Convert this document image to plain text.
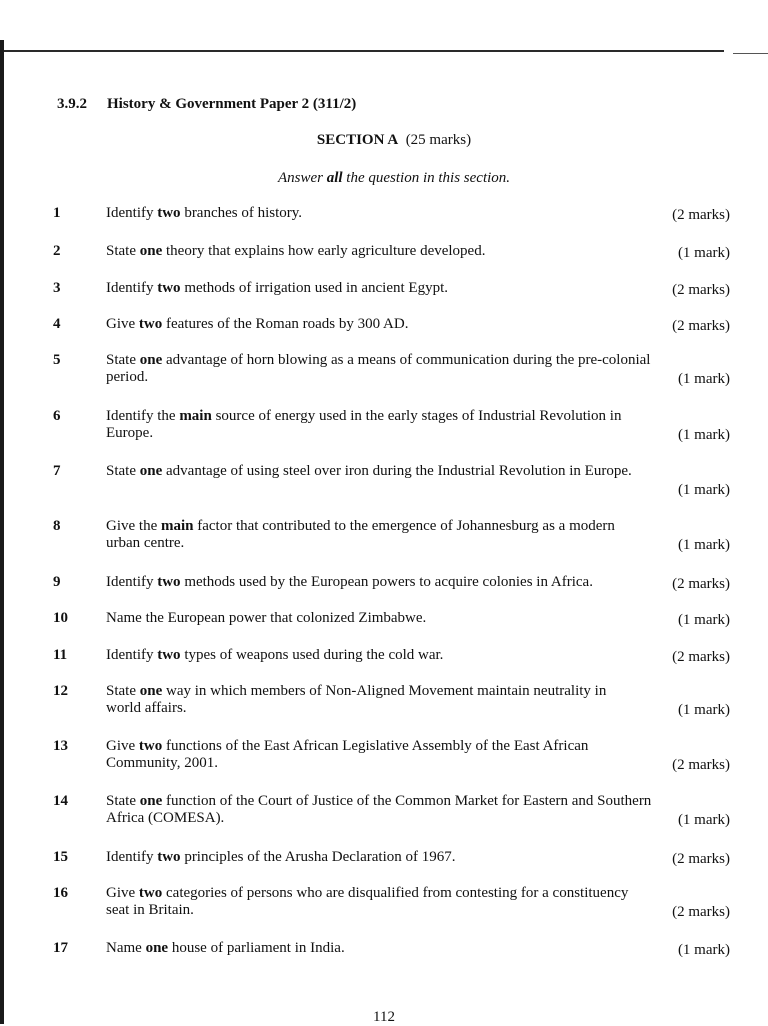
3.9.2 History & Government Paper 2 (311/2)
SECTION A (25 marks)
Answer all the question in this section.
1	Identify two branches of history.	(2 marks)
2	State one theory that explains how early agriculture developed.	(1 mark)
3	Identify two methods of irrigation used in ancient Egypt.	(2 marks)
4	Give two features of the Roman roads by 300 AD.	(2 marks)
5	State one advantage of horn blowing as a means of communication during the pre-colonial
period.	(1 mark)
6	Identify the main source of energy used in the early stages of Industrial Revolution in
Europe.	(1 mark)
7	State one advantage of using steel over iron during the Industrial Revolution in Europe.
(1 mark)
8	Give the main factor that contributed to the emergence of Johannesburg as a modern
urban centre.	(1 mark)
9	Identify two methods used by the European powers to acquire colonies in Africa.	(2 marks)
10	Name the European power that colonized Zimbabwe.	(1 mark)
11	Identify two types of weapons used during the cold war.	(2 marks)
12	State one way in which members of Non-Aligned Movement maintain neutrality in
world affairs.	(1 mark)
13	Give two functions of the East African Legislative Assembly of the East African
Community, 2001.	(2 marks)
14	State one function of the Court of Justice of the Common Market for Eastern and Southern
Africa (COMESA).	(1 mark)
15	Identify two principles of the Arusha Declaration of 1967.	(2 marks)
16	Give two categories of persons who are disqualified from contesting for a constituency
seat in Britain.	(2 marks)
17	Name one house of parliament in India.	(1 mark)
112
